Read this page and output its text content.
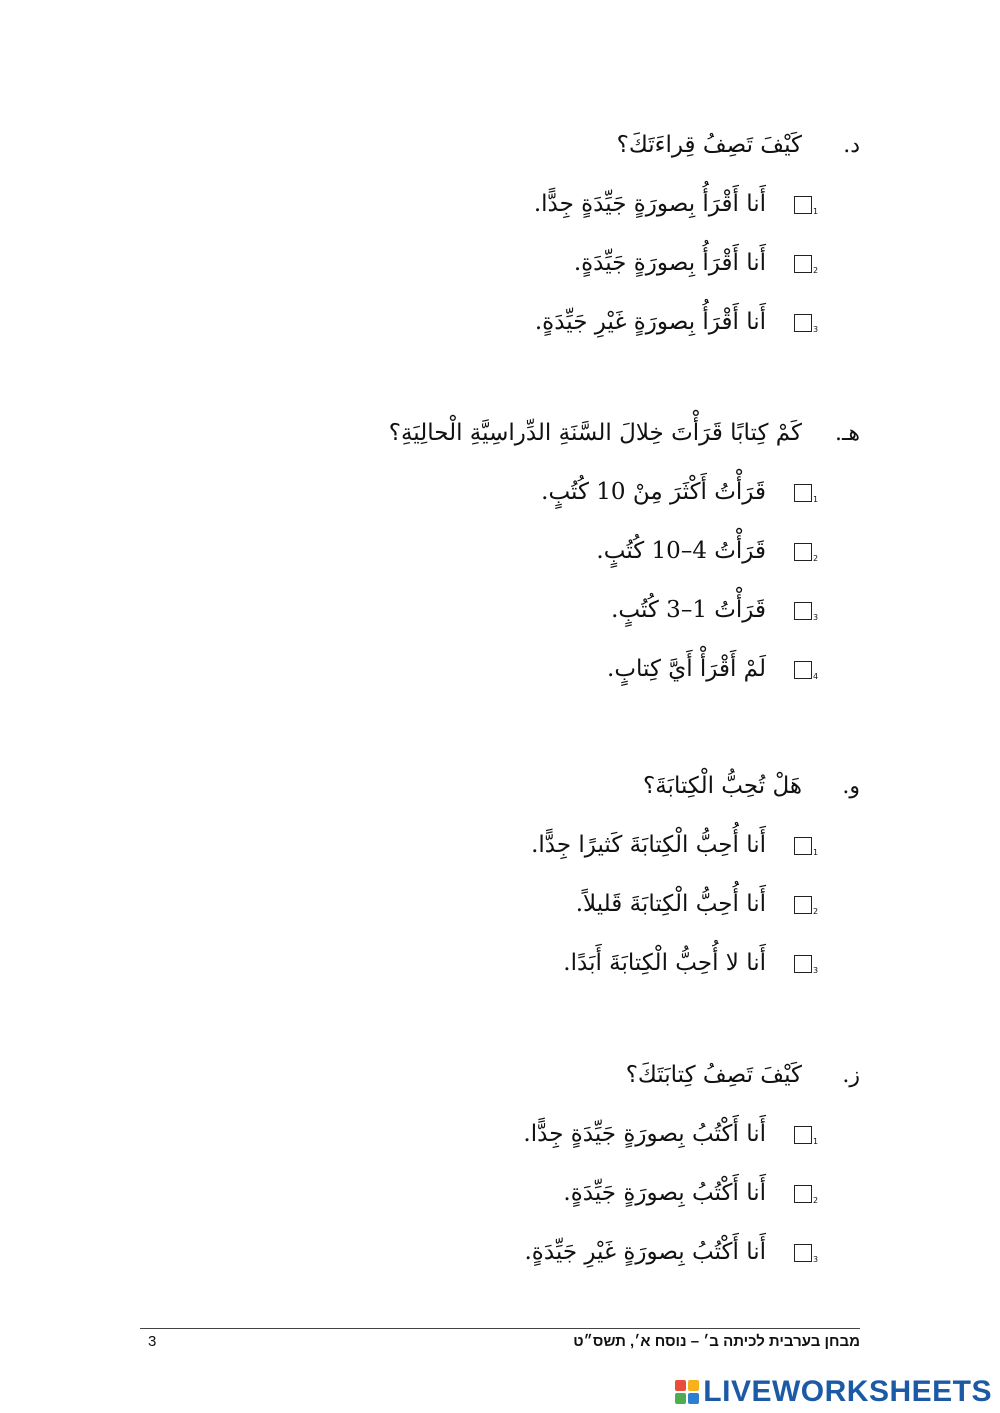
د.
كَيْفَ تَصِفُ قِراءَتَكَ؟
1
أَنا أَقْرَأُ بِصورَةٍ جَيِّدَةٍ جِدًّا.
2
أَنا أَقْرَأُ بِصورَةٍ جَيِّدَةٍ.
3
أَنا أَقْرَأُ بِصورَةٍ غَيْرِ جَيِّدَةٍ.
هـ.
كَمْ كِتابًا قَرَأْتَ خِلالَ السَّنَةِ الدِّراسِيَّةِ الْحالِيَةِ؟
1
قَرَأْتُ أَكْثَرَ مِنْ 10 كُتُبٍ.
2
قَرَأْتُ 4–10 كُتُبٍ.
3
قَرَأْتُ 1–3 كُتُبٍ.
4
لَمْ أَقْرَأْ أَيَّ كِتابٍ.
و.
هَلْ تُحِبُّ الْكِتابَةَ؟
1
أَنا أُحِبُّ الْكِتابَةَ كَثيرًا جِدًّا.
2
أَنا أُحِبُّ الْكِتابَةَ قَليلاً.
3
أَنا لا أُحِبُّ الْكِتابَةَ أَبَدًا.
ز.
كَيْفَ تَصِفُ كِتابَتَكَ؟
1
أَنا أَكْتُبُ بِصورَةٍ جَيِّدَةٍ جِدًّا.
2
أَنا أَكْتُبُ بِصورَةٍ جَيِّدَةٍ.
3
أَنا أَكْتُبُ بِصورَةٍ غَيْرِ جَيِّدَةٍ.
3	מבחן בערבית לכיתה ב׳ – נוסח א׳, תשס״ט
LIVEWORKSHEETS
